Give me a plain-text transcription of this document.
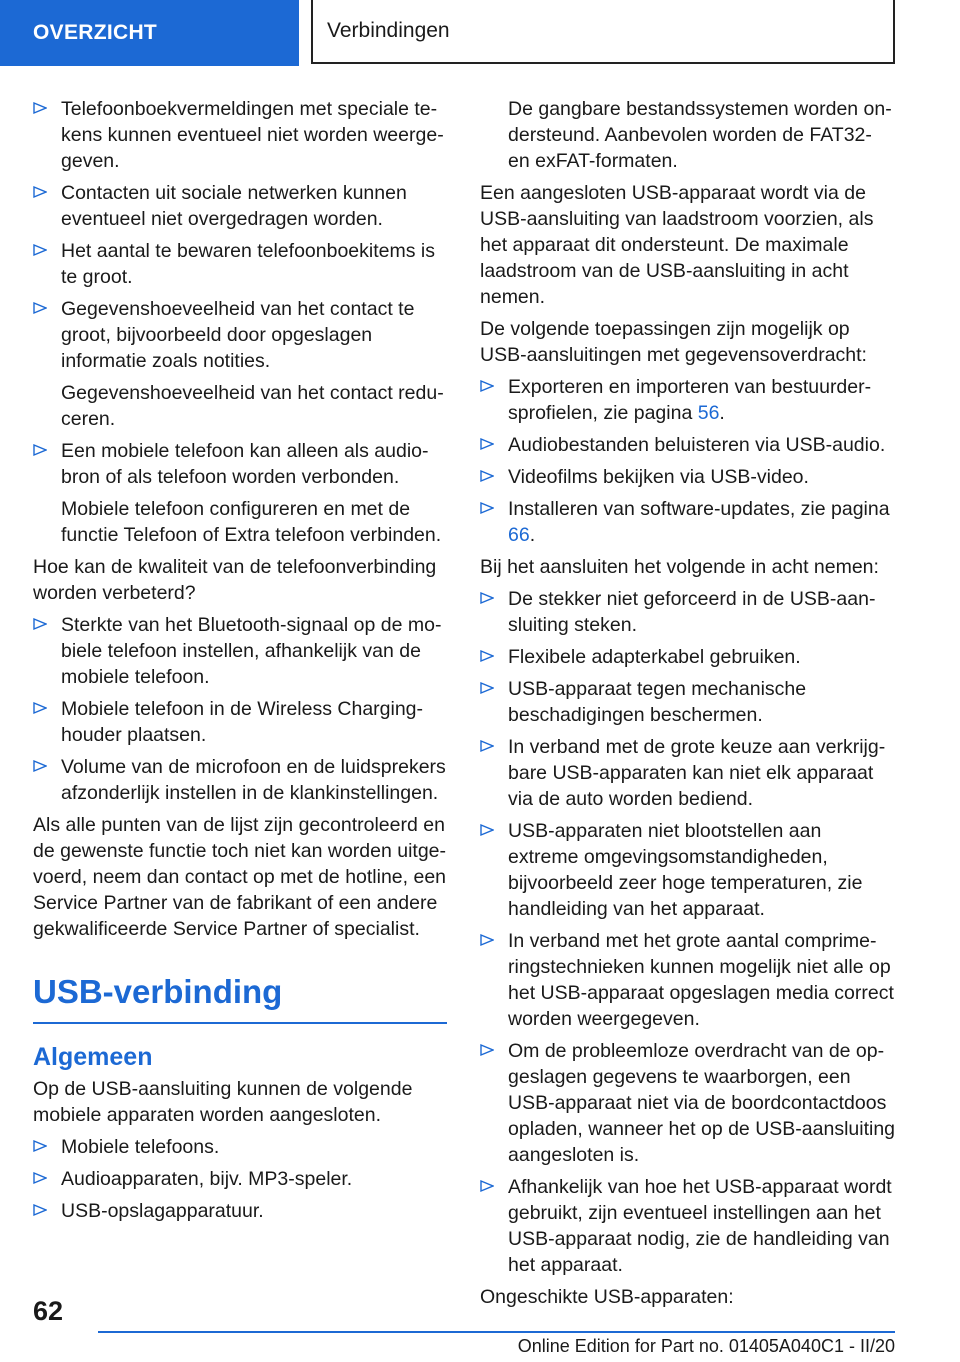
OVERZICHT	Verbindingen
Telefoonboekvermeldingen met speciale tekens kunnen eventueel niet worden weergegeven.
Contacten uit sociale netwerken kunnen eventueel niet overgedragen worden.
Het aantal te bewaren telefoonboekitems is te groot.
Gegevenshoeveelheid van het contact te groot, bijvoorbeeld door opgeslagen informatie zoals notities.
Gegevenshoeveelheid van het contact reduceren.
Een mobiele telefoon kan alleen als audiobron of als telefoon worden verbonden.
Mobiele telefoon configureren en met de functie Telefoon of Extra telefoon verbinden.

Hoe kan de kwaliteit van de telefoonverbinding worden verbeterd?

Sterkte van het Bluetooth-signaal op de mobiele telefoon instellen, afhankelijk van de mobiele telefoon.
Mobiele telefoon in de Wireless Charging-houder plaatsen.
Volume van de microfoon en de luidsprekers afzonderlijk instellen in de klankinstellingen.

Als alle punten van de lijst zijn gecontroleerd en de gewenste functie toch niet kan worden uitgevoerd, neem dan contact op met de hotline, een Service Partner van de fabrikant of een andere gekwalificeerde Service Partner of specialist.

USB-verbinding
Algemeen

Op de USB-aansluiting kunnen de volgende mobiele apparaten worden aangesloten.

Mobiele telefoons.
Audioapparaten, bijv. MP3-speler.
USB-opslagapparatuur.
De gangbare bestandssystemen worden ondersteund. Aanbevolen worden de FAT32- en exFAT-formaten.

Een aangesloten USB-apparaat wordt via de USB-aansluiting van laadstroom voorzien, als het apparaat dit ondersteunt. De maximale laadstroom van de USB-aansluiting in acht nemen.

De volgende toepassingen zijn mogelijk op USB-aansluitingen met gegevensoverdracht:

Exporteren en importeren van bestuurdersprofielen, zie pagina 56.
Audiobestanden beluisteren via USB-audio.
Videofilms bekijken via USB-video.
Installeren van software-updates, zie pagina 66.

Bij het aansluiten het volgende in acht nemen:

De stekker niet geforceerd in de USB-aansluiting steken.
Flexibele adapterkabel gebruiken.
USB-apparaat tegen mechanische beschadigingen beschermen.
In verband met de grote keuze aan verkrijgbare USB-apparaten kan niet elk apparaat via de auto worden bediend.
USB-apparaten niet blootstellen aan extreme omgevingsomstandigheden, bijvoorbeeld zeer hoge temperaturen, zie handleiding van het apparaat.
In verband met het grote aantal comprimeringstechnieken kunnen mogelijk niet alle op het USB-apparaat opgeslagen media correct worden weergegeven.
Om de probleemloze overdracht van de opgeslagen gegevens te waarborgen, een USB-apparaat niet via de boordcontactdoos opladen, wanneer het op de USB-aansluiting aangesloten is.
Afhankelijk van hoe het USB-apparaat wordt gebruikt, zijn eventueel instellingen aan het USB-apparaat nodig, zie de handleiding van het apparaat.

Ongeschikte USB-apparaten:

62
Online Edition for Part no. 01405A040C1 - II/20
